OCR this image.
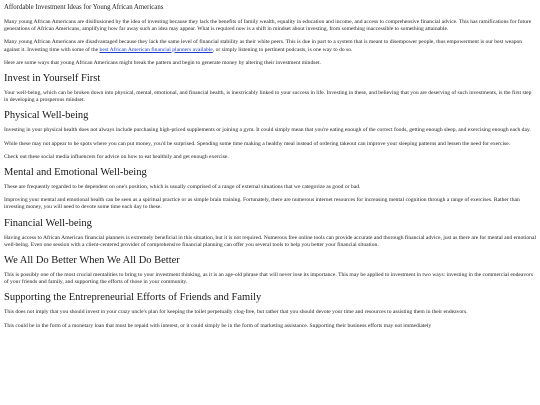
Affordable Investment Ideas for Young African Americans

Many young African Americans are disillusioned by the idea of investing because they lack the benefits of family wealth, equality in education and income, and access to comprehensive financial advice. This has ramifications for future generations of African Americans, amplifying how far away such an idea may appear. What is required now is a shift in mindset about investing, from something inaccessible to something attainable.

Many young African Americans are disadvantaged because they lack the same level of financial stability as their white peers. This is due in part to a system that is meant to disempower people, thus empowerment is our best weapon against it. Investing time with some of the best African American financial planners available, or simply listening to pertinent podcasts, is one way to do so.

Here are some ways that young African Americans might break the pattern and begin to generate money by altering their investment mindset.

Invest in Yourself First

Your well-being, which can be broken down into physical, mental, emotional, and financial health, is inextricably linked to your success in life. Investing in these, and believing that you are deserving of such investments, is the first step in developing a prosperous mindset.

Physical Well-being

Investing in your physical health does not always include purchasing high-priced supplements or joining a gym. It could simply mean that you're eating enough of the correct foods, getting enough sleep, and exercising enough each day.

While these may not appear to be spots where you can put money, you'd be surprised. Spending some time making a healthy meal instead of ordering takeout can improve your sleeping patterns and lessen the need for exercise.

Check out these social media influencers for advice on how to eat healthily and get enough exercise.

Mental and Emotional Well-being

These are frequently regarded to be dependent on one's position, which is usually comprised of a range of external situations that we categorize as good or bad.

Improving your mental and emotional health can be seen as a spiritual practice or as simple brain training. Fortunately, there are numerous internet resources for increasing mental cognition through a range of exercises. Rather than investing money, you will need to devote some time each day to these.

Financial Well-being

Having access to African American financial planners is extremely beneficial in this situation, but it is not required. Numerous free online tools can provide accurate and thorough financial advice, just as there are for mental and emotional well-being. Even one session with a client-centered provider of comprehensive financial planning can offer you several tools to help you better your financial situation.

We All Do Better When We All Do Better

This is possibly one of the most crucial mentalities to bring to your investment thinking, as it is an age-old phrase that will never lose its importance. This may be applied to investment in two ways: investing in the commercial endeavors of your friends and family, and supporting the efforts of those in your community.

Supporting the Entrepreneurial Efforts of Friends and Family

This does not imply that you should invest in your crazy uncle's plan for keeping the toilet perpetually clog-free, but rather that you should devote your time and resources to assisting them in their endeavors.

This could be in the form of a monetary loan that must be repaid with interest, or it could simply be in the form of marketing assistance. Supporting their business efforts may not immediately
